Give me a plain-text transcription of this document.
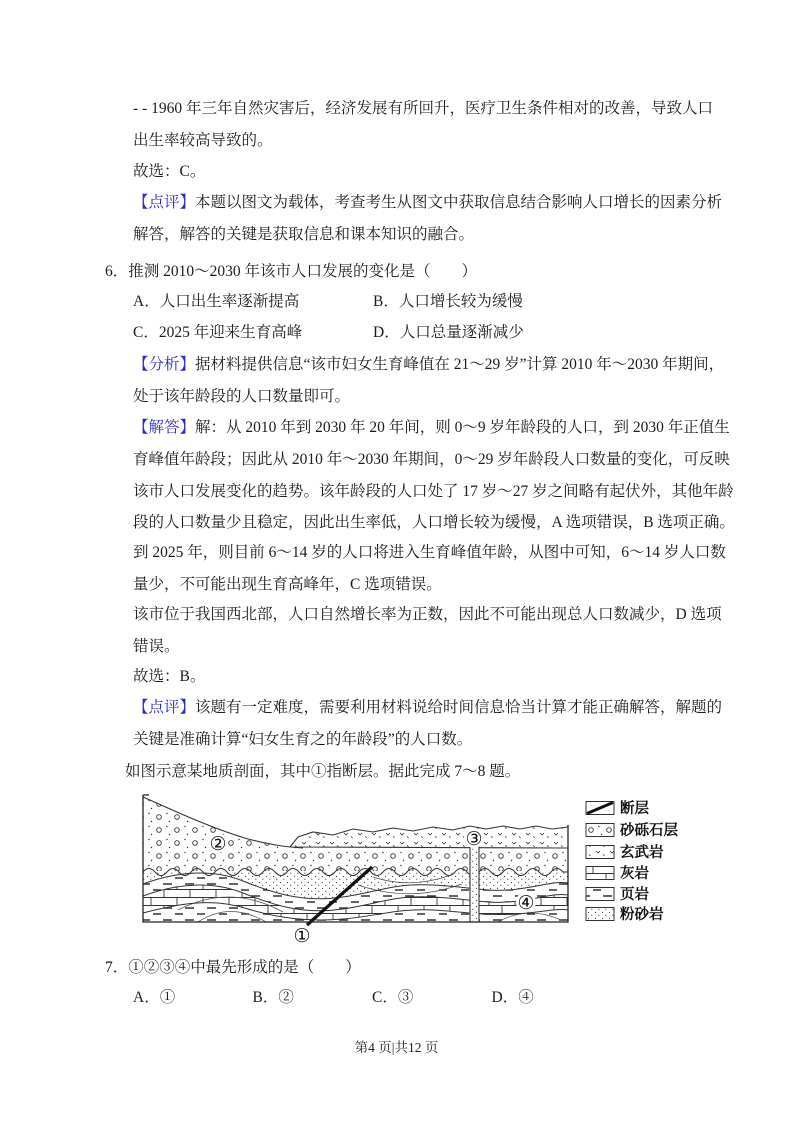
- - 1960 年三年自然灾害后，经济发展有所回升，医疗卫生条件相对的改善，导致人口
出生率较高导致的。
故选：C。
【点评】本题以图文为载体，考查考生从图文中获取信息结合影响人口增长的因素分析
解答，解答的关键是获取信息和课本知识的融合。
6．推测 2010～2030 年该市人口发展的变化是（　　）
A．人口出生率逐渐提高	B．人口增长较为缓慢
C．2025 年迎来生育高峰	D．人口总量逐渐减少
【分析】据材料提供信息“该市妇女生育峰值在 21～29 岁”计算 2010 年～2030 年期间，
处于该年龄段的人口数量即可。
【解答】解：从 2010 年到 2030 年 20 年间，则 0～9 岁年龄段的人口，到 2030 年正值生
育峰值年龄段；因此从 2010 年～2030 年期间，0～29 岁年龄段人口数量的变化，可反映
该市人口发展变化的趋势。该年龄段的人口处了 17 岁～27 岁之间略有起伏外，其他年龄
段的人口数量少且稳定，因此出生率低，人口增长较为缓慢，A 选项错误，B 选项正确。
到 2025 年，则目前 6～14 岁的人口将进入生育峰值年龄，从图中可知，6～14 岁人口数
量少，不可能出现生育高峰年，C 选项错误。
该市位于我国西北部，人口自然增长率为正数，因此不可能出现总人口数减少，D 选项
错误。
故选：B。
【点评】该题有一定难度，需要利用材料说给时间信息恰当计算才能正确解答，解题的
关键是准确计算“妇女生育之的年龄段”的人口数。
如图示意某地质剖面，其中①指断层。据此完成 7～8 题。
②	③
④
①
断层
砂砾石层
玄武岩
灰岩
页岩
粉砂岩
7．①②③④中最先形成的是（　　）
A．①	B．②	C．③	D．④
第4 页|共12 页
